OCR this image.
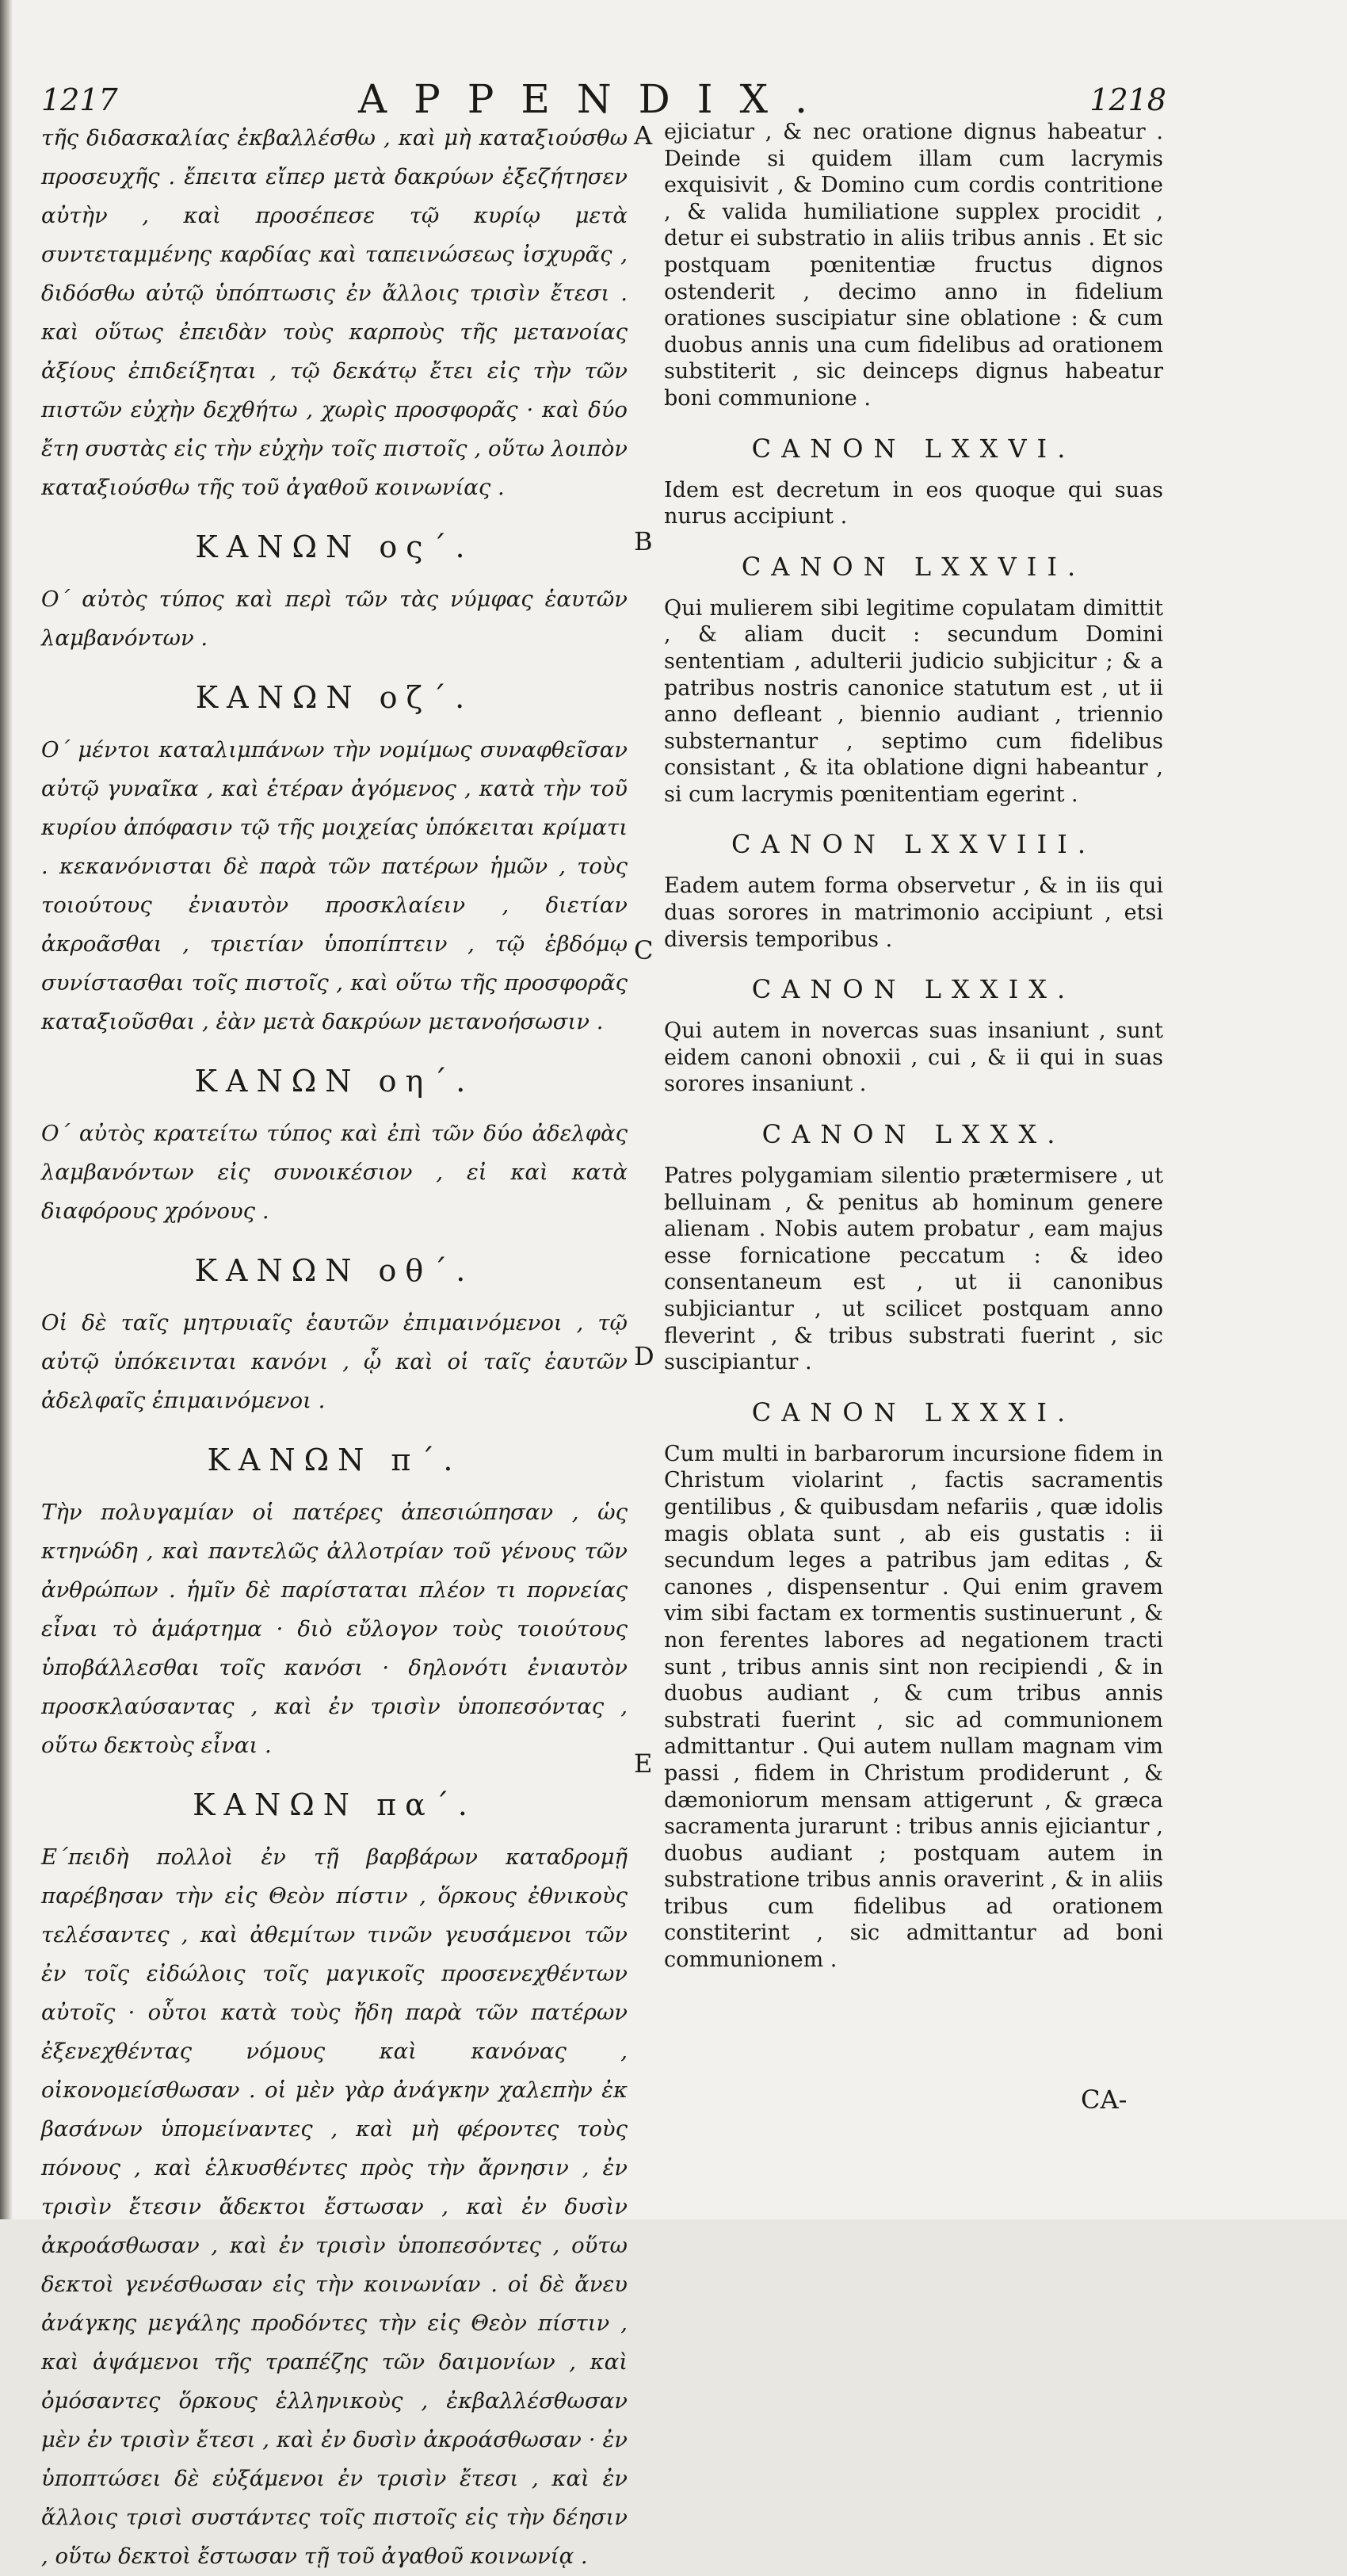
1217	APPENDIX.	1218

τῆς διδασκαλίας ἐκβαλλέσθω , καὶ μὴ καταξιούσθω προσευχῆς . ἔπειτα εἴπερ μετὰ δακρύων ἐξεζήτησεν αὐτὴν , καὶ προσέπεσε τῷ κυρίῳ μετὰ συντεταμμένης καρδίας καὶ ταπεινώσεως ἰσχυρᾶς , διδόσθω αὐτῷ ὑπόπτωσις ἐν ἄλλοις τρισὶν ἔτεσι . καὶ οὕτως ἐπειδὰν τοὺς καρποὺς τῆς μετανοίας ἀξίους ἐπιδείξηται , τῷ δεκάτῳ ἔτει εἰς τὴν τῶν πιστῶν εὐχὴν δεχθήτω , χωρὶς προσφορᾶς · καὶ δύο ἔτη συστὰς εἰς τὴν εὐχὴν τοῖς πιστοῖς , οὕτω λοιπὸν καταξιούσθω τῆς τοῦ ἀγαθοῦ κοινωνίας .

ΚΑΝΩΝ ος´.

Ο´ αὐτὸς τύπος καὶ περὶ τῶν τὰς νύμφας ἑαυτῶν λαμβανόντων .

ΚΑΝΩΝ οζ´.

Ο´ μέντοι καταλιμπάνων τὴν νομίμως συναφθεῖσαν αὐτῷ γυναῖκα , καὶ ἑτέραν ἀγόμενος , κατὰ τὴν τοῦ κυρίου ἀπόφασιν τῷ τῆς μοιχείας ὑπόκειται κρίματι . κεκανόνισται δὲ παρὰ τῶν πατέρων ἡμῶν , τοὺς τοιούτους ἐνιαυτὸν προσκλαίειν , διετίαν ἀκροᾶσθαι , τριετίαν ὑποπίπτειν , τῷ ἑβδόμῳ συνίστασθαι τοῖς πιστοῖς , καὶ οὕτω τῆς προσφορᾶς καταξιοῦσθαι , ἐὰν μετὰ δακρύων μετανοήσωσιν .

ΚΑΝΩΝ οη´.

Ο´ αὐτὸς κρατείτω τύπος καὶ ἐπὶ τῶν δύο ἀδελφὰς λαμβανόντων εἰς συνοικέσιον , εἰ καὶ κατὰ διαφόρους χρόνους .

ΚΑΝΩΝ οθ´.

Οἱ δὲ ταῖς μητρυιαῖς ἑαυτῶν ἐπιμαινόμενοι , τῷ αὐτῷ ὑπόκεινται κανόνι , ᾧ καὶ οἱ ταῖς ἑαυτῶν ἀδελφαῖς ἐπιμαινόμενοι .

ΚΑΝΩΝ π´.

Τὴν πολυγαμίαν οἱ πατέρες ἀπεσιώπησαν , ὡς κτηνώδη , καὶ παντελῶς ἀλλοτρίαν τοῦ γένους τῶν ἀνθρώπων . ἡμῖν δὲ παρίσταται πλέον τι πορνείας εἶναι τὸ ἁμάρτημα · διὸ εὔλογον τοὺς τοιούτους ὑποβάλλεσθαι τοῖς κανόσι · δηλονότι ἐνιαυτὸν προσκλαύσαντας , καὶ ἐν τρισὶν ὑποπεσόντας , οὕτω δεκτοὺς εἶναι .

ΚΑΝΩΝ πα´.

Ε´πειδὴ πολλοὶ ἐν τῇ βαρβάρων καταδρομῇ παρέβησαν τὴν εἰς Θεὸν πίστιν , ὅρκους ἐθνικοὺς τελέσαντες , καὶ ἀθεμίτων τινῶν γευσάμενοι τῶν ἐν τοῖς εἰδώλοις τοῖς μαγικοῖς προσενεχθέντων αὐτοῖς · οὗτοι κατὰ τοὺς ἤδη παρὰ τῶν πατέρων ἐξενεχθέντας νόμους καὶ κανόνας , οἰκονομείσθωσαν . οἱ μὲν γὰρ ἀνάγκην χαλεπὴν ἐκ βασάνων ὑπομείναντες , καὶ μὴ φέροντες τοὺς πόνους , καὶ ἑλκυσθέντες πρὸς τὴν ἄρνησιν , ἐν τρισὶν ἔτεσιν ἄδεκτοι ἔστωσαν , καὶ ἐν δυσὶν ἀκροάσθωσαν , καὶ ἐν τρισὶν ὑποπεσόντες , οὕτω δεκτοὶ γενέσθωσαν εἰς τὴν κοινωνίαν . οἱ δὲ ἄνευ ἀνάγκης μεγάλης προδόντες τὴν εἰς Θεὸν πίστιν , καὶ ἁψάμενοι τῆς τραπέζης τῶν δαιμονίων , καὶ ὀμόσαντες ὅρκους ἑλληνικοὺς , ἐκβαλλέσθωσαν μὲν ἐν τρισὶν ἔτεσι , καὶ ἐν δυσὶν ἀκροάσθωσαν · ἐν ὑποπτώσει δὲ εὐξάμενοι ἐν τρισὶν ἔτεσι , καὶ ἐν ἄλλοις τρισὶ συστάντες τοῖς πιστοῖς εἰς τὴν δέησιν , οὕτω δεκτοὶ ἔστωσαν τῇ τοῦ ἀγαθοῦ κοινωνίᾳ .

A
B
C
D
E

ejiciatur , & nec oratione dignus habeatur . Deinde si quidem illam cum lacrymis exquisivit , & Domino cum cordis contritione , & valida humiliatione supplex procidit , detur ei substratio in aliis tribus annis . Et sic postquam pœnitentiæ fructus dignos ostenderit , decimo anno in fidelium orationes suscipiatur sine oblatione : & cum duobus annis una cum fidelibus ad orationem substiterit , sic deinceps dignus habeatur boni communione .

CANON LXXVI.

Idem est decretum in eos quoque qui suas nurus accipiunt .

CANON LXXVII.

Qui mulierem sibi legitime copulatam dimittit , & aliam ducit : secundum Domini sententiam , adulterii judicio subjicitur ; & a patribus nostris canonice statutum est , ut ii anno defleant , biennio audiant , triennio substernantur , septimo cum fidelibus consistant , & ita oblatione digni habeantur , si cum lacrymis pœnitentiam egerint .

CANON LXXVIII.

Eadem autem forma observetur , & in iis qui duas sorores in matrimonio accipiunt , etsi diversis temporibus .

CANON LXXIX.

Qui autem in novercas suas insaniunt , sunt eidem canoni obnoxii , cui , & ii qui in suas sorores insaniunt .

CANON LXXX.

Patres polygamiam silentio prætermisere , ut belluinam , & penitus ab hominum genere alienam . Nobis autem probatur , eam majus esse fornicatione peccatum : & ideo consentaneum est , ut ii canonibus subjiciantur , ut scilicet postquam anno fleverint , & tribus substrati fuerint , sic suscipiantur .

CANON LXXXI.

Cum multi in barbarorum incursione fidem in Christum violarint , factis sacramentis gentilibus , & quibusdam nefariis , quæ idolis magis oblata sunt , ab eis gustatis : ii secundum leges a patribus jam editas , & canones , dispensentur . Qui enim gravem vim sibi factam ex tormentis sustinuerunt , & non ferentes labores ad negationem tracti sunt , tribus annis sint non recipiendi , & in duobus audiant , & cum tribus annis substrati fuerint , sic ad communionem admittantur . Qui autem nullam magnam vim passi , fidem in Christum prodiderunt , & dæmoniorum mensam attigerunt , & græca sacramenta jurarunt : tribus annis ejiciantur , duobus audiant ; postquam autem in substratione tribus annis oraverint , & in aliis tribus cum fidelibus ad orationem constiterint , sic admittantur ad boni communionem .

CA-
